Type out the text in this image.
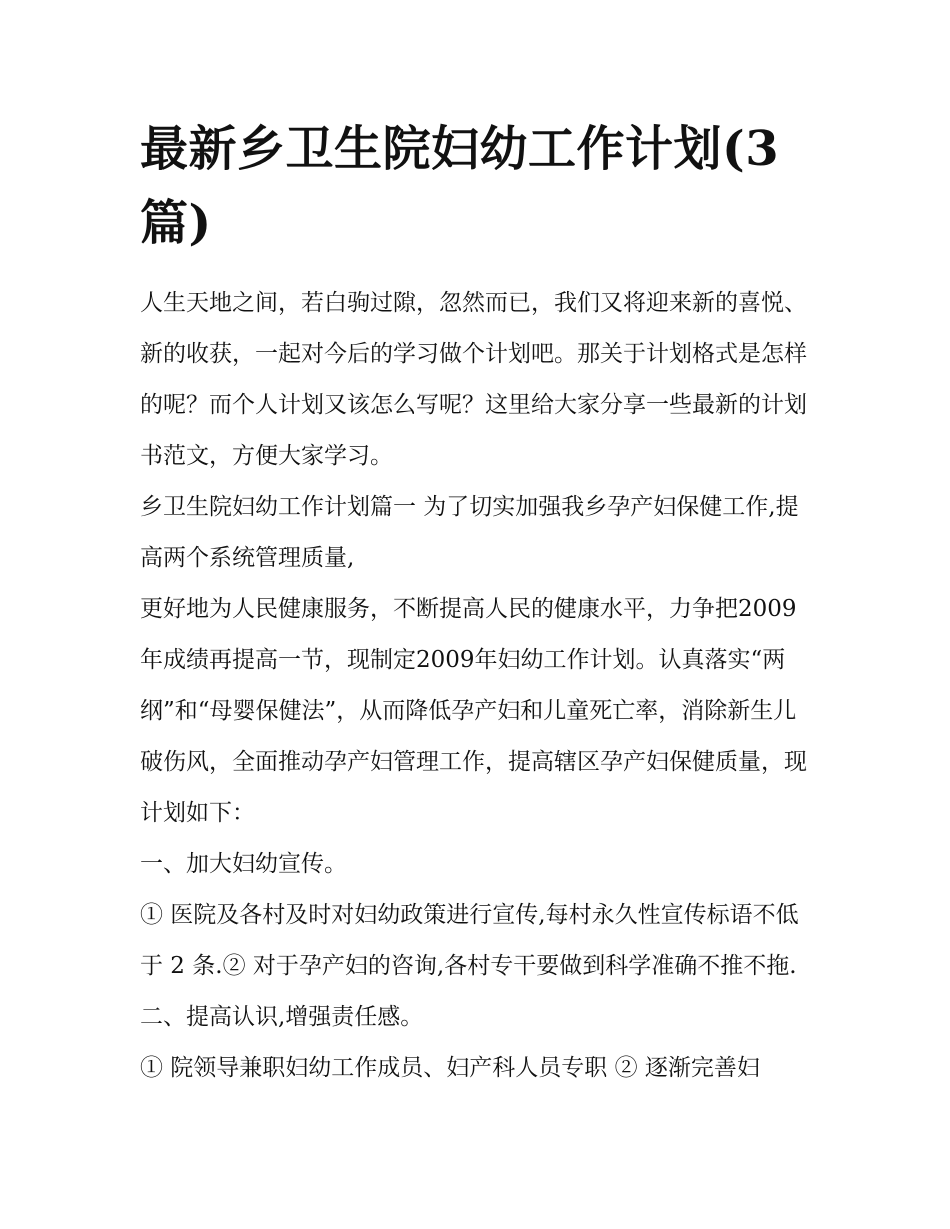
最新乡卫生院妇幼工作计划(3篇)

人生天地之间，若白驹过隙，忽然而已，我们又将迎来新的喜悦、新的收获，一起对今后的学习做个计划吧。那关于计划格式是怎样的呢？而个人计划又该怎么写呢？这里给大家分享一些最新的计划书范文，方便大家学习。

乡卫生院妇幼工作计划篇一 为了切实加强我乡孕产妇保健工作,提高两个系统管理质量,

更好地为人民健康服务，不断提高人民的健康水平，力争把2009年成绩再提高一节，现制定2009年妇幼工作计划。认真落实“两纲”和“母婴保健法”，从而降低孕产妇和儿童死亡率，消除新生儿破伤风，全面推动孕产妇管理工作，提高辖区孕产妇保健质量，现计划如下：

一、加大妇幼宣传。

① 医院及各村及时对妇幼政策进行宣传,每村永久性宣传标语不低于 2 条.② 对于孕产妇的咨询,各村专干要做到科学准确不推不拖.二、提高认识,增强责任感。

① 院领导兼职妇幼工作成员、妇产科人员专职 ② 逐渐完善妇
